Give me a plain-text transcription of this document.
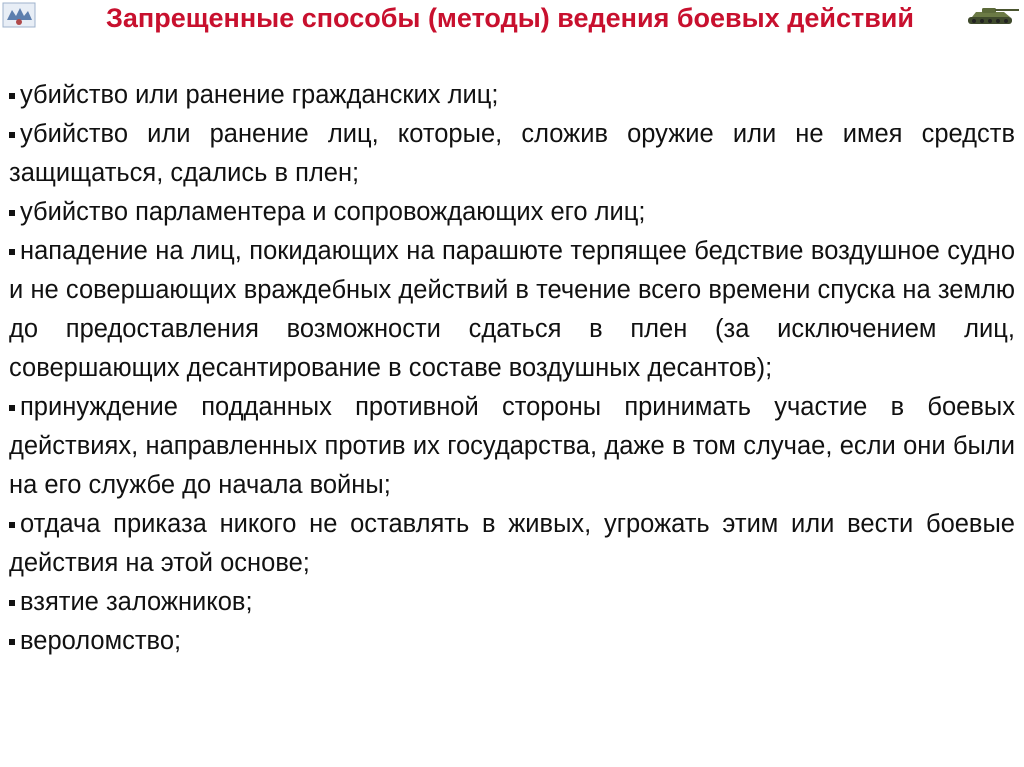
Запрещенные способы (методы) ведения боевых действий

убийство или ранение гражданских лиц;

убийство или ранение лиц, которые, сложив оружие или не имея средств защищаться, сдались в плен;

убийство парламентера и сопровождающих его лиц;

нападение на лиц, покидающих на парашюте терпящее бедствие воздушное судно и не совершающих враждебных действий в течение всего времени спуска на землю до предоставления возможности сдаться в плен (за исключением лиц, совершающих десантирование в составе воздушных десантов);

принуждение подданных противной стороны принимать участие в боевых действиях, направленных против их государства, даже в том случае, если они были на его службе до начала войны;

отдача приказа никого не оставлять в живых, угрожать этим или вести боевые действия на этой основе;

взятие заложников;

вероломство;
